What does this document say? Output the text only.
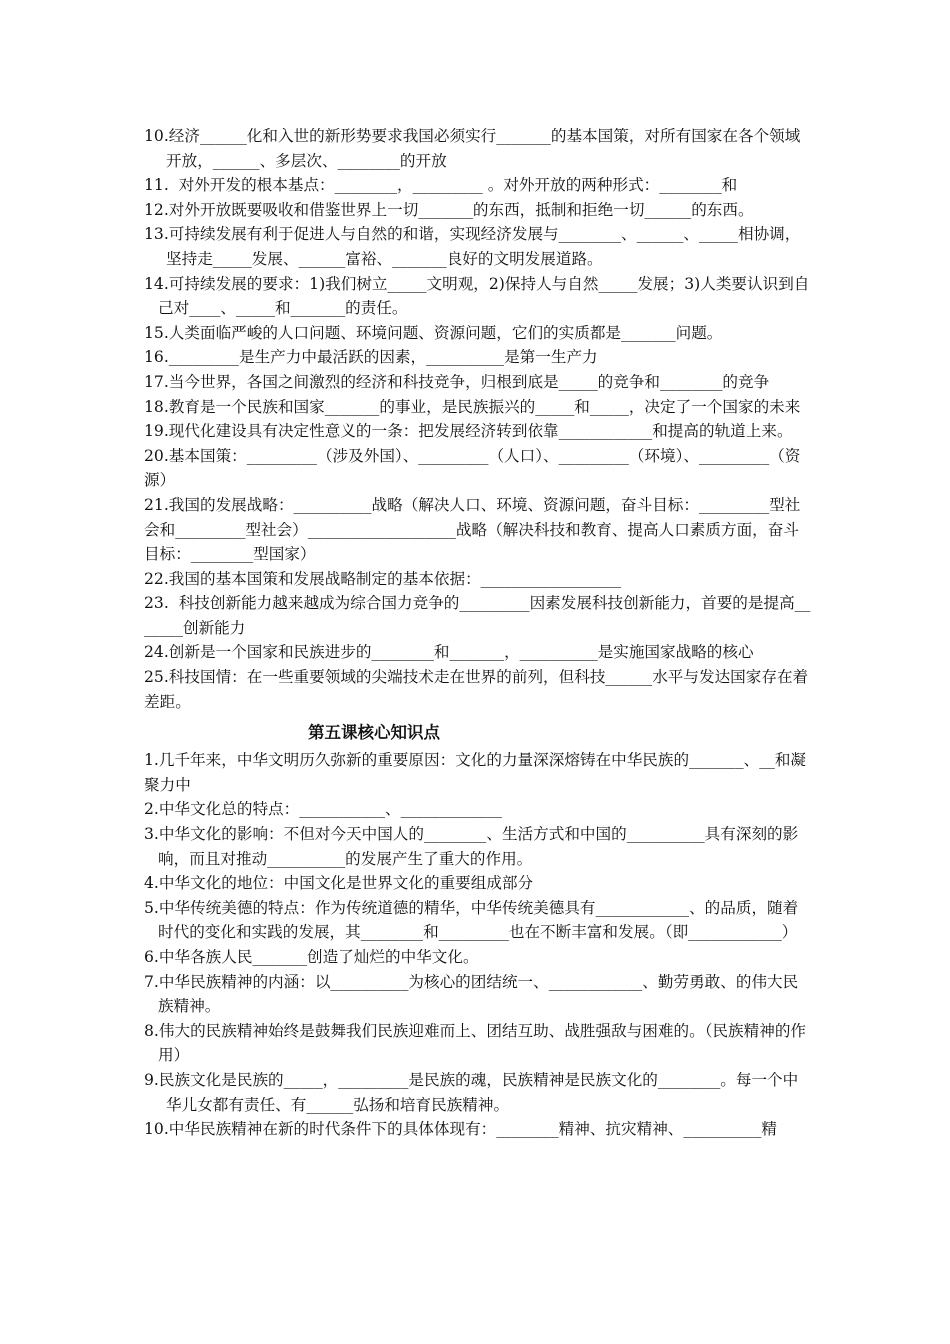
10.经济______化和入世的新形势要求我国必须实行_______的基本国策，对所有国家在各个领域开放，______、多层次、________的开放

11.  对外开发的根本基点：________，_________ 。对外开放的两种形式：________和

12.对外开放既要吸收和借鉴世界上一切_______的东西，抵制和拒绝一切______的东西。

13.可持续发展有利于促进人与自然的和谐，实现经济发展与________、______、_____相协调，坚持走_____发展、______富裕、_______良好的文明发展道路。

14.可持续发展的要求：1)我们树立_____文明观，2)保持人与自然_____发展；3)人类要认识到自己对____、_____和_______的责任。

15.人类面临严峻的人口问题、环境问题、资源问题，它们的实质都是_______问题。

16._________是生产力中最活跃的因素，__________是第一生产力

17.当今世界，各国之间激烈的经济和科技竞争，归根到底是_____的竞争和________的竞争

18.教育是一个民族和国家_______的事业，是民族振兴的_____和_____，决定了一个国家的未来

19.现代化建设具有决定性意义的一条：把发展经济转到依靠____________和提高的轨道上来。

20.基本国策：_________（涉及外国）、_________（人口）、_________（环境）、_________（资源）

21.我国的发展战略：__________战略（解决人口、环境、资源问题，奋斗目标：_________型社会和_________型社会）___________________战略（解决科技和教育、提高人口素质方面，奋斗目标：________型国家）

22.我国的基本国策和发展战略制定的基本依据：__________________

23.  科技创新能力越来越成为综合国力竞争的_________因素发展科技创新能力，首要的是提高_______创新能力

24.创新是一个国家和民族进步的________和_______，__________是实施国家战略的核心

25.科技国情：在一些重要领域的尖端技术走在世界的前列，但科技______水平与发达国家存在着差距。

第五课核心知识点

1.几千年来，中华文明历久弥新的重要原因：文化的力量深深熔铸在中华民族的_______、__和凝聚力中

2.中华文化总的特点：___________、_____________

3.中华文化的影响：不但对今天中国人的________、生活方式和中国的__________具有深刻的影响，而且对推动__________的发展产生了重大的作用。

4.中华文化的地位：中国文化是世界文化的重要组成部分

5.中华传统美德的特点：作为传统道德的精华，中华传统美德具有____________、的品质，随着时代的变化和实践的发展，其________和_________也在不断丰富和发展。（即____________）

6.中华各族人民_______创造了灿烂的中华文化。

7.中华民族精神的内涵：以__________为核心的团结统一、____________、勤劳勇敢、的伟大民族精神。

8.伟大的民族精神始终是鼓舞我们民族迎难而上、团结互助、战胜强敌与困难的。（民族精神的作用）

9.民族文化是民族的_____，_________是民族的魂，民族精神是民族文化的________。每一个中华儿女都有责任、有______弘扬和培育民族精神。

10.中华民族精神在新的时代条件下的具体体现有：________精神、抗灾精神、__________精
